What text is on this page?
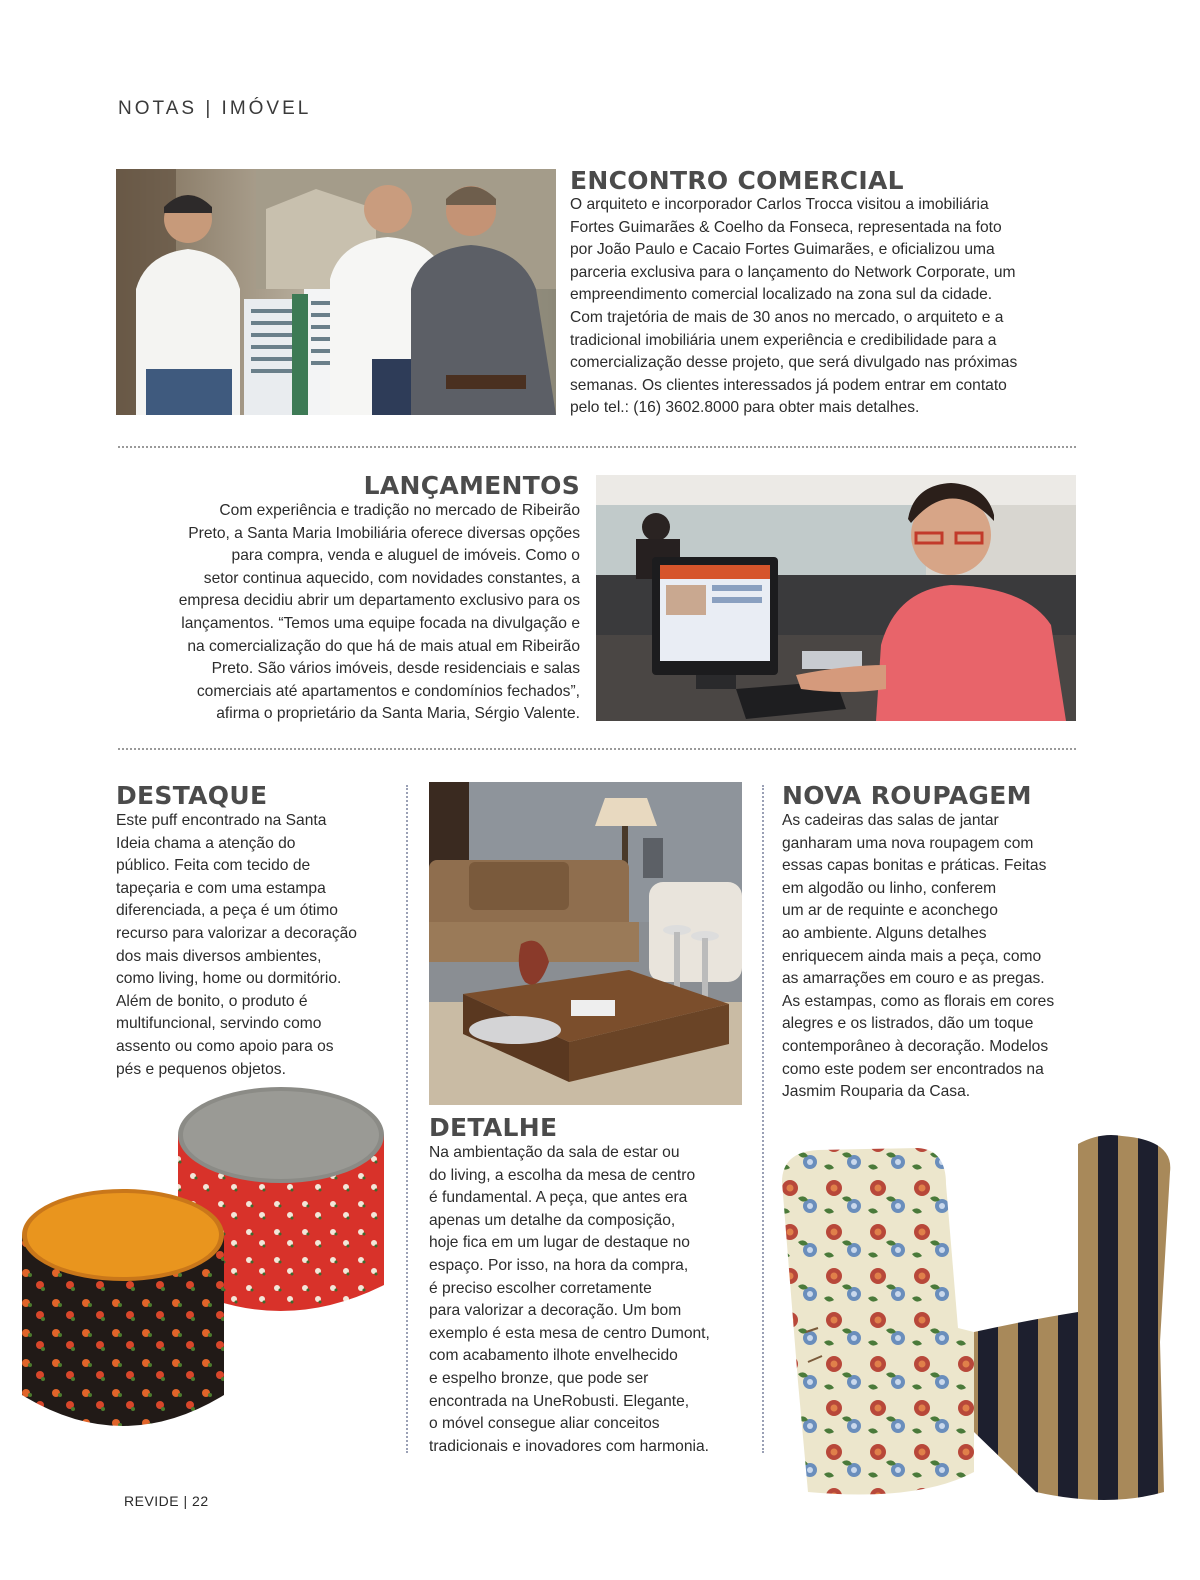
NOTAS | IMÓVEL
ENCONTRO COMERCIAL
O arquiteto e incorporador Carlos Trocca visitou a imobiliária
Fortes Guimarães & Coelho da Fonseca, representada na foto
por João Paulo e Cacaio Fortes Guimarães, e oficializou uma
parceria exclusiva para o lançamento do Network Corporate, um
empreendimento comercial localizado na zona sul da cidade.
Com trajetória de mais de 30 anos no mercado, o arquiteto e a
tradicional imobiliária unem experiência e credibilidade para a
comercialização desse projeto, que será divulgado nas próximas
semanas. Os clientes interessados já podem entrar em contato
pelo tel.: (16) 3602.8000 para obter mais detalhes.
LANÇAMENTOS
Com experiência e tradição no mercado de Ribeirão
Preto, a Santa Maria Imobiliária oferece diversas opções
para compra, venda e aluguel de imóveis. Como o
setor continua aquecido, com novidades constantes, a
empresa decidiu abrir um departamento exclusivo para os
lançamentos. “Temos uma equipe focada na divulgação e
na comercialização do que há de mais atual em Ribeirão
Preto. São vários imóveis, desde residenciais e salas
comerciais até apartamentos e condomínios fechados”,
afirma o proprietário da Santa Maria, Sérgio Valente.
DESTAQUE
Este puff encontrado na Santa
Ideia chama a atenção do
público. Feita com tecido de
tapeçaria e com uma estampa
diferenciada, a peça é um ótimo
recurso para valorizar a decoração
dos mais diversos ambientes,
como living, home ou dormitório.
Além de bonito, o produto é
multifuncional, servindo como
assento ou como apoio para os
pés e pequenos objetos.
DETALHE
Na ambientação da sala de estar ou
do living, a escolha da mesa de centro
é fundamental. A peça, que antes era
apenas um detalhe da composição,
hoje fica em um lugar de destaque no
espaço. Por isso, na hora da compra,
é preciso escolher corretamente
para valorizar a decoração. Um bom
exemplo é esta mesa de centro Dumont,
com acabamento ilhote envelhecido
e espelho bronze, que pode ser
encontrada na UneRobusti. Elegante,
o móvel consegue aliar conceitos
tradicionais e inovadores com harmonia.
NOVA ROUPAGEM
As cadeiras das salas de jantar
ganharam uma nova roupagem com
essas capas bonitas e práticas. Feitas
em algodão ou linho, conferem
um ar de requinte e aconchego
ao ambiente. Alguns detalhes
enriquecem ainda mais a peça, como
as amarrações em couro e as pregas.
As estampas, como as florais em cores
alegres e os listrados, dão um toque
contemporâneo à decoração. Modelos
como este podem ser encontrados na
Jasmim Rouparia da Casa.
REVIDE | 22
